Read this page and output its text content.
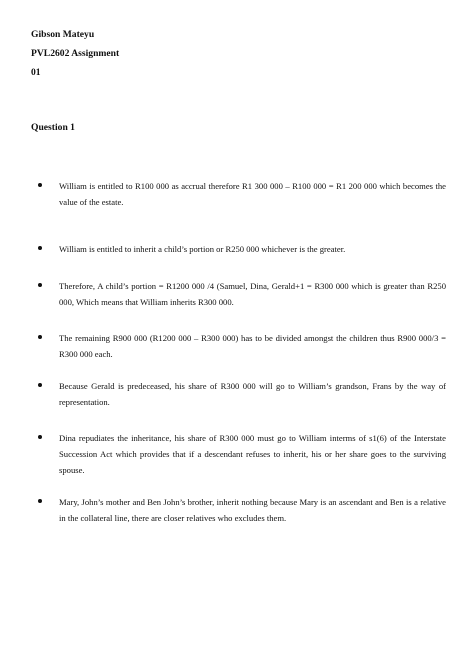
Gibson Mateyu
PVL2602 Assignment
01
Question 1
William is entitled to R100 000 as accrual therefore R1 300 000 – R100 000 = R1 200 000 which becomes the value of the estate.
William is entitled to inherit a child’s portion or R250 000 whichever is the greater.
Therefore, A child’s portion = R1200 000 /4 (Samuel, Dina, Gerald+1 = R300 000 which is greater than R250 000, Which means that William inherits R300 000.
The remaining R900 000 (R1200 000 – R300 000) has to be divided amongst the children thus R900 000/3 = R300 000 each.
Because Gerald is predeceased, his share of R300 000 will go to William’s grandson, Frans by the way of representation.
Dina repudiates the inheritance, his share of R300 000 must go to William interms of s1(6) of the Interstate Succession Act which provides that if a descendant refuses to inherit, his or her share goes to the surviving spouse.
Mary, John’s mother and Ben John’s brother, inherit nothing because Mary is an ascendant and Ben is a relative in the collateral line, there are closer relatives who excludes them.
